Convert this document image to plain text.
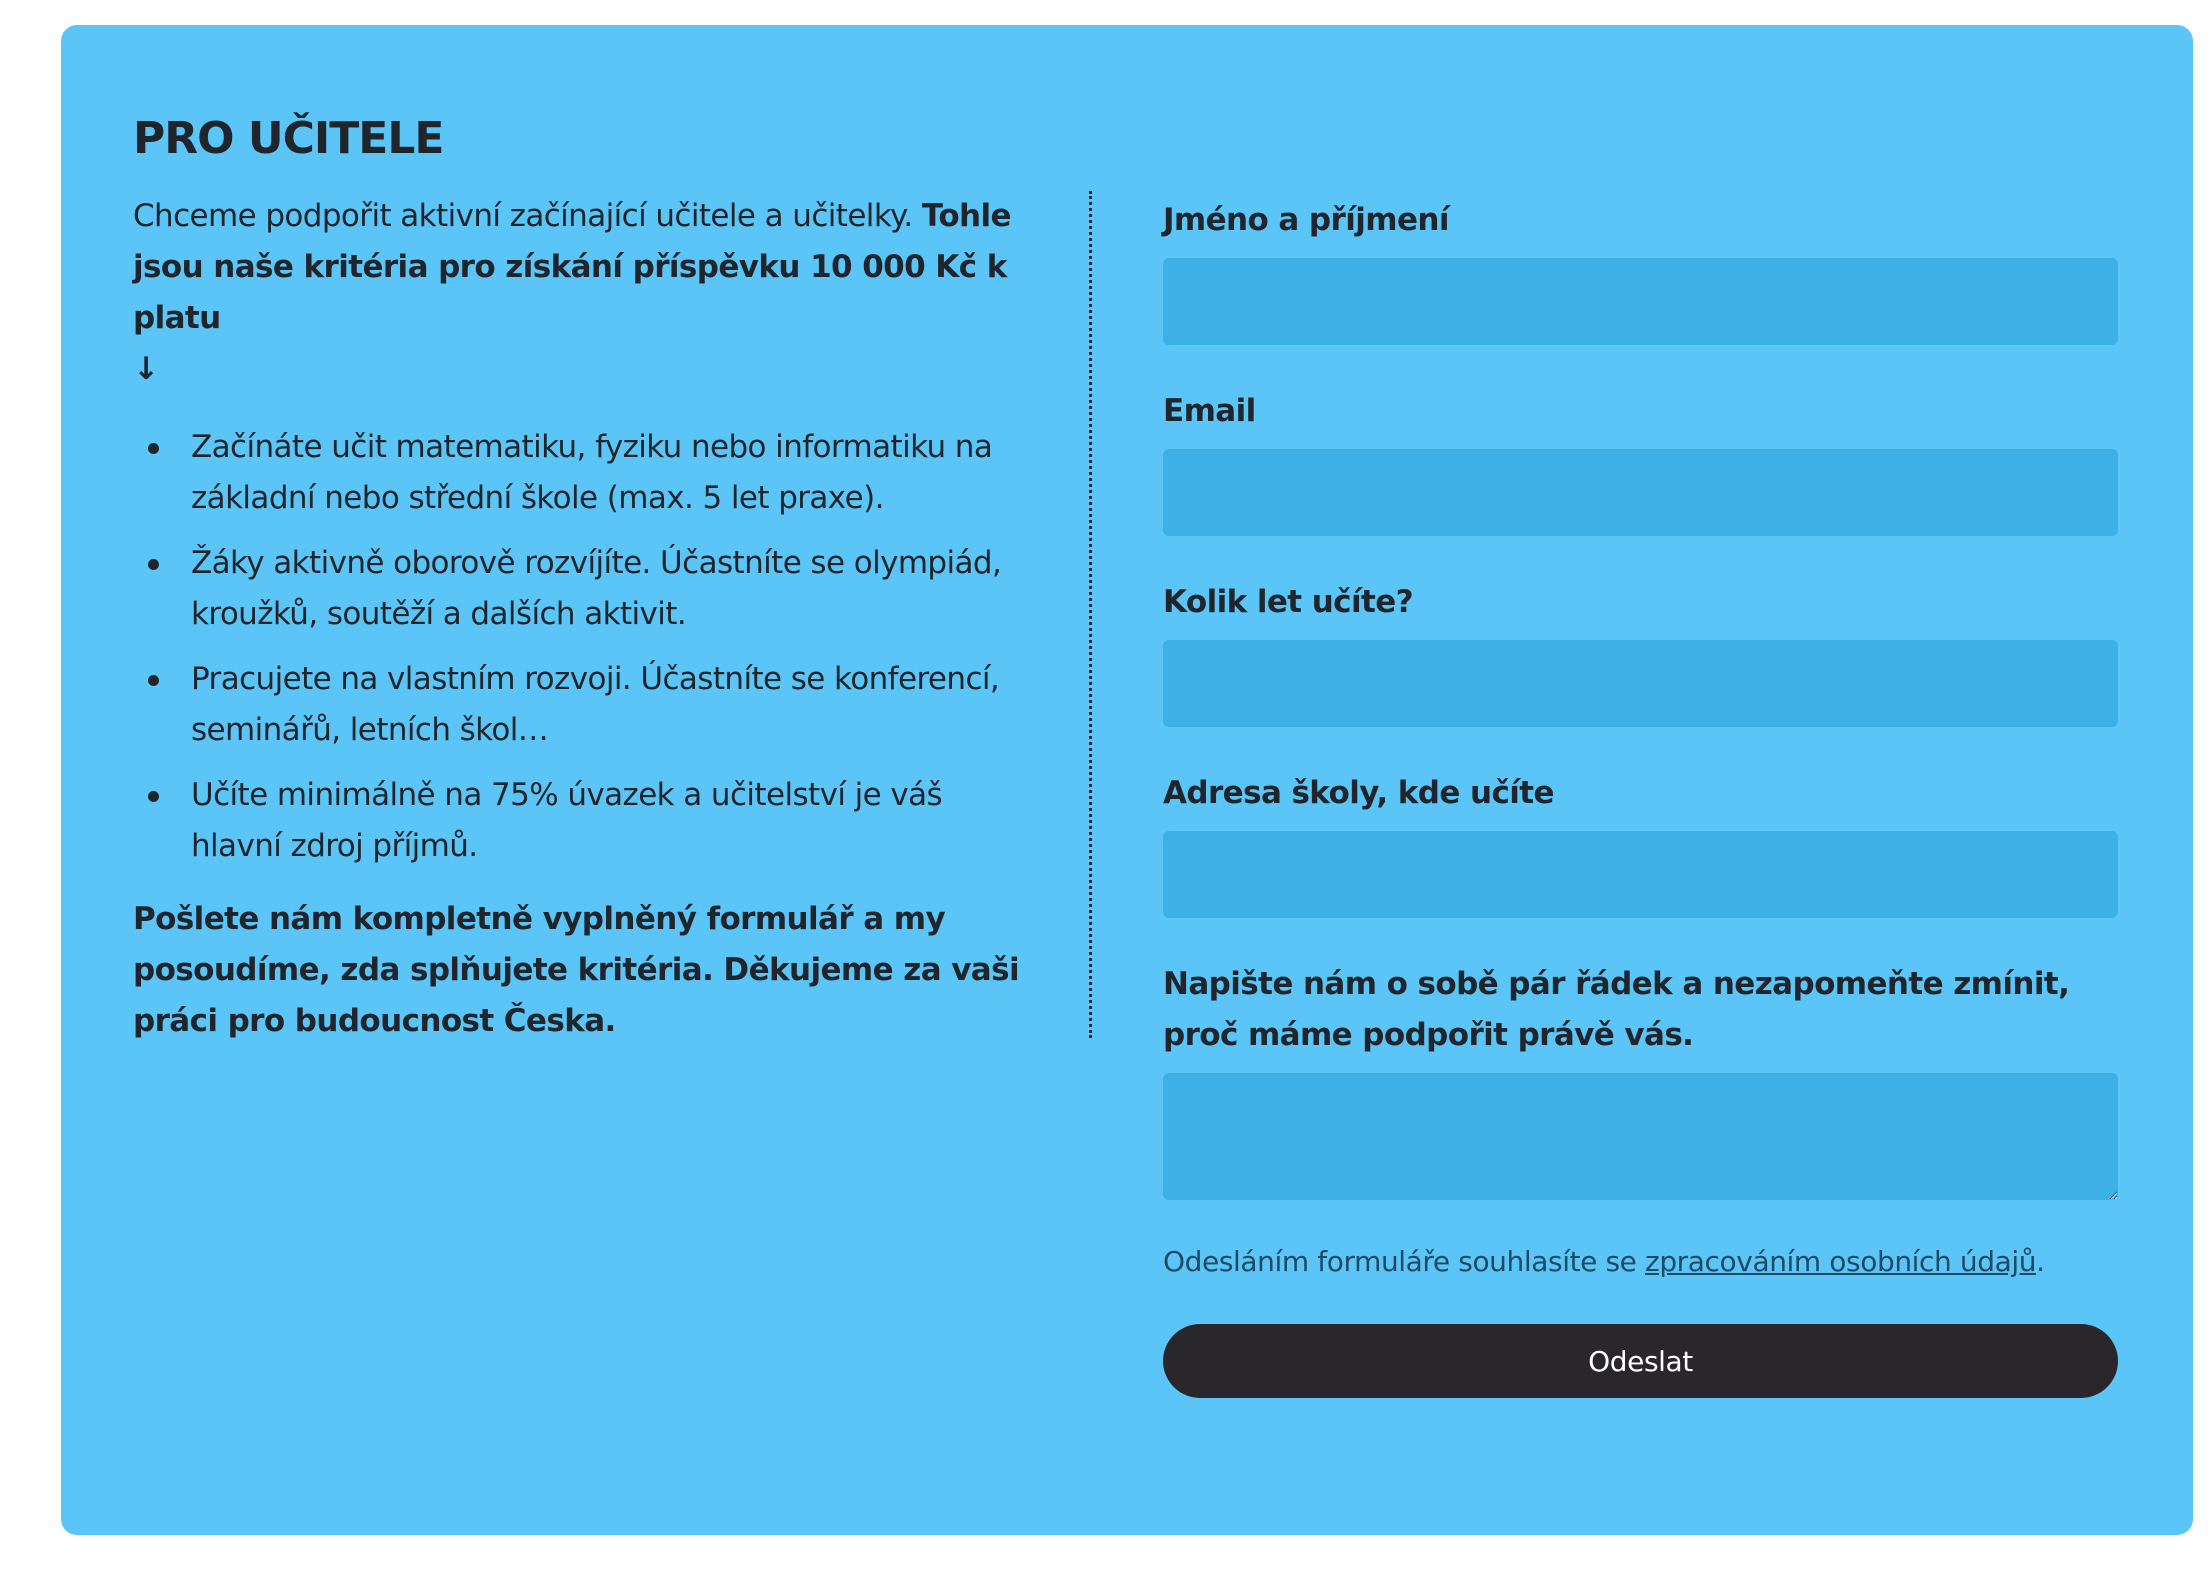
PRO UČITELE

Chceme podpořit aktivní začínající učitele a učitelky. Tohle jsou naše kritéria pro získání příspěvku 10 000 Kč k platu
↓

Začínáte učit matematiku, fyziku nebo informatiku na základní nebo střední škole (max. 5 let praxe).
Žáky aktivně oborově rozvíjíte. Účastníte se olympiád, kroužků, soutěží a dalších aktivit.
Pracujete na vlastním rozvoji. Účastníte se konferencí, seminářů, letních škol…
Učíte minimálně na 75% úvazek a učitelství je váš hlavní zdroj příjmů.

Pošlete nám kompletně vyplněný formulář a my posoudíme, zda splňujete kritéria. Děkujeme za vaši práci pro budoucnost Česka.

Jméno a příjmení
Email
Kolik let učíte?
Adresa školy, kde učíte
Napište nám o sobě pár řádek a nezapomeňte zmínit, proč máme podpořit právě vás.
Odesláním formuláře souhlasíte se zpracováním osobních údajů.
Odeslat
